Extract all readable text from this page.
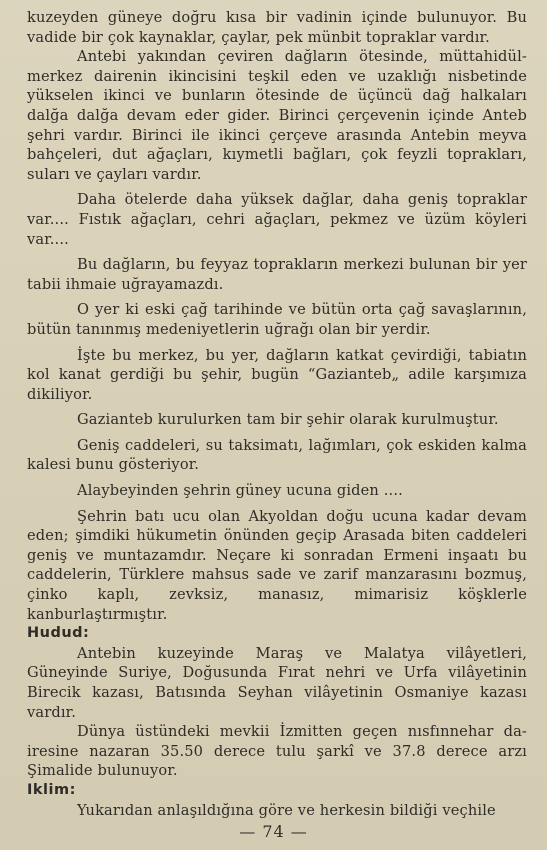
kuzeyden güneye doğru kısa bir vadinin içinde bulunuyor. Bu vadide bir çok kaynaklar, çaylar, pek münbit topraklar vardır.

Antebi yakından çeviren dağların ötesinde, müttahidül-merkez dairenin ikincisini teşkil eden ve uzaklığı nisbetinde yükselen ikinci ve bunların ötesinde de üçüncü dağ halkaları dalğa dalğa devam eder gider. Birinci çerçevenin içinde Anteb şehri vardır. Birinci ile ikinci çerçeve arasında Antebin meyva bahçeleri, dut ağaçları, kıymetli bağları, çok feyzli toprakları, suları ve çayları vardır.

Daha ötelerde daha yüksek dağlar, daha geniş topraklar var.... Fıstık ağaçları, cehri ağaçları, pekmez ve üzüm köyleri var....

Bu dağların, bu feyyaz toprakların merkezi bulunan bir yer tabii ihmaie uğrayamazdı.

O yer ki eski çağ tarihinde ve bütün orta çağ savaşlarının, bütün tanınmış medeniyetlerin uğrağı olan bir yerdir.

İşte bu merkez, bu yer, dağların katkat çevirdiği, tabiatın kol kanat gerdiği bu şehir, bugün “Gazianteb„ adile karşımıza dikiliyor.

Gazianteb kurulurken tam bir şehir olarak kurulmuştur.

Geniş caddeleri, su taksimatı, lağımları, çok eskiden kalma kalesi bunu gösteriyor.

Alaybeyinden şehrin güney ucuna giden ....

Şehrin batı ucu olan Akyoldan doğu ucuna kadar devam eden; şimdiki hükumetin önünden geçip Arasada biten caddeleri geniş ve muntazamdır. Neçare ki sonradan Ermeni inşaatı bu caddelerin, Türklere mahsus sade ve zarif manzarasını bozmuş, çinko kaplı, zevksiz, manasız, mimarisiz köşklerle kanburlaştırmıştır.

Hudud:

Antebin kuzeyinde Maraş ve Malatya vilâyetleri, Güneyinde Suriye, Doğusunda Fırat nehri ve Urfa vilâyetinin Birecik kazası, Batısında Seyhan vilâyetinin Osmaniye kazası vardır.

Dünya üstündeki mevkii İzmitten geçen nısfınnehar da-iresine nazaran 35.50 derece tulu şarkî ve 37.8 derece arzı Şimalide bulunuyor.

Iklim:

Yukarıdan anlaşıldığına göre ve herkesin bildiği veçhile

— 74 —
